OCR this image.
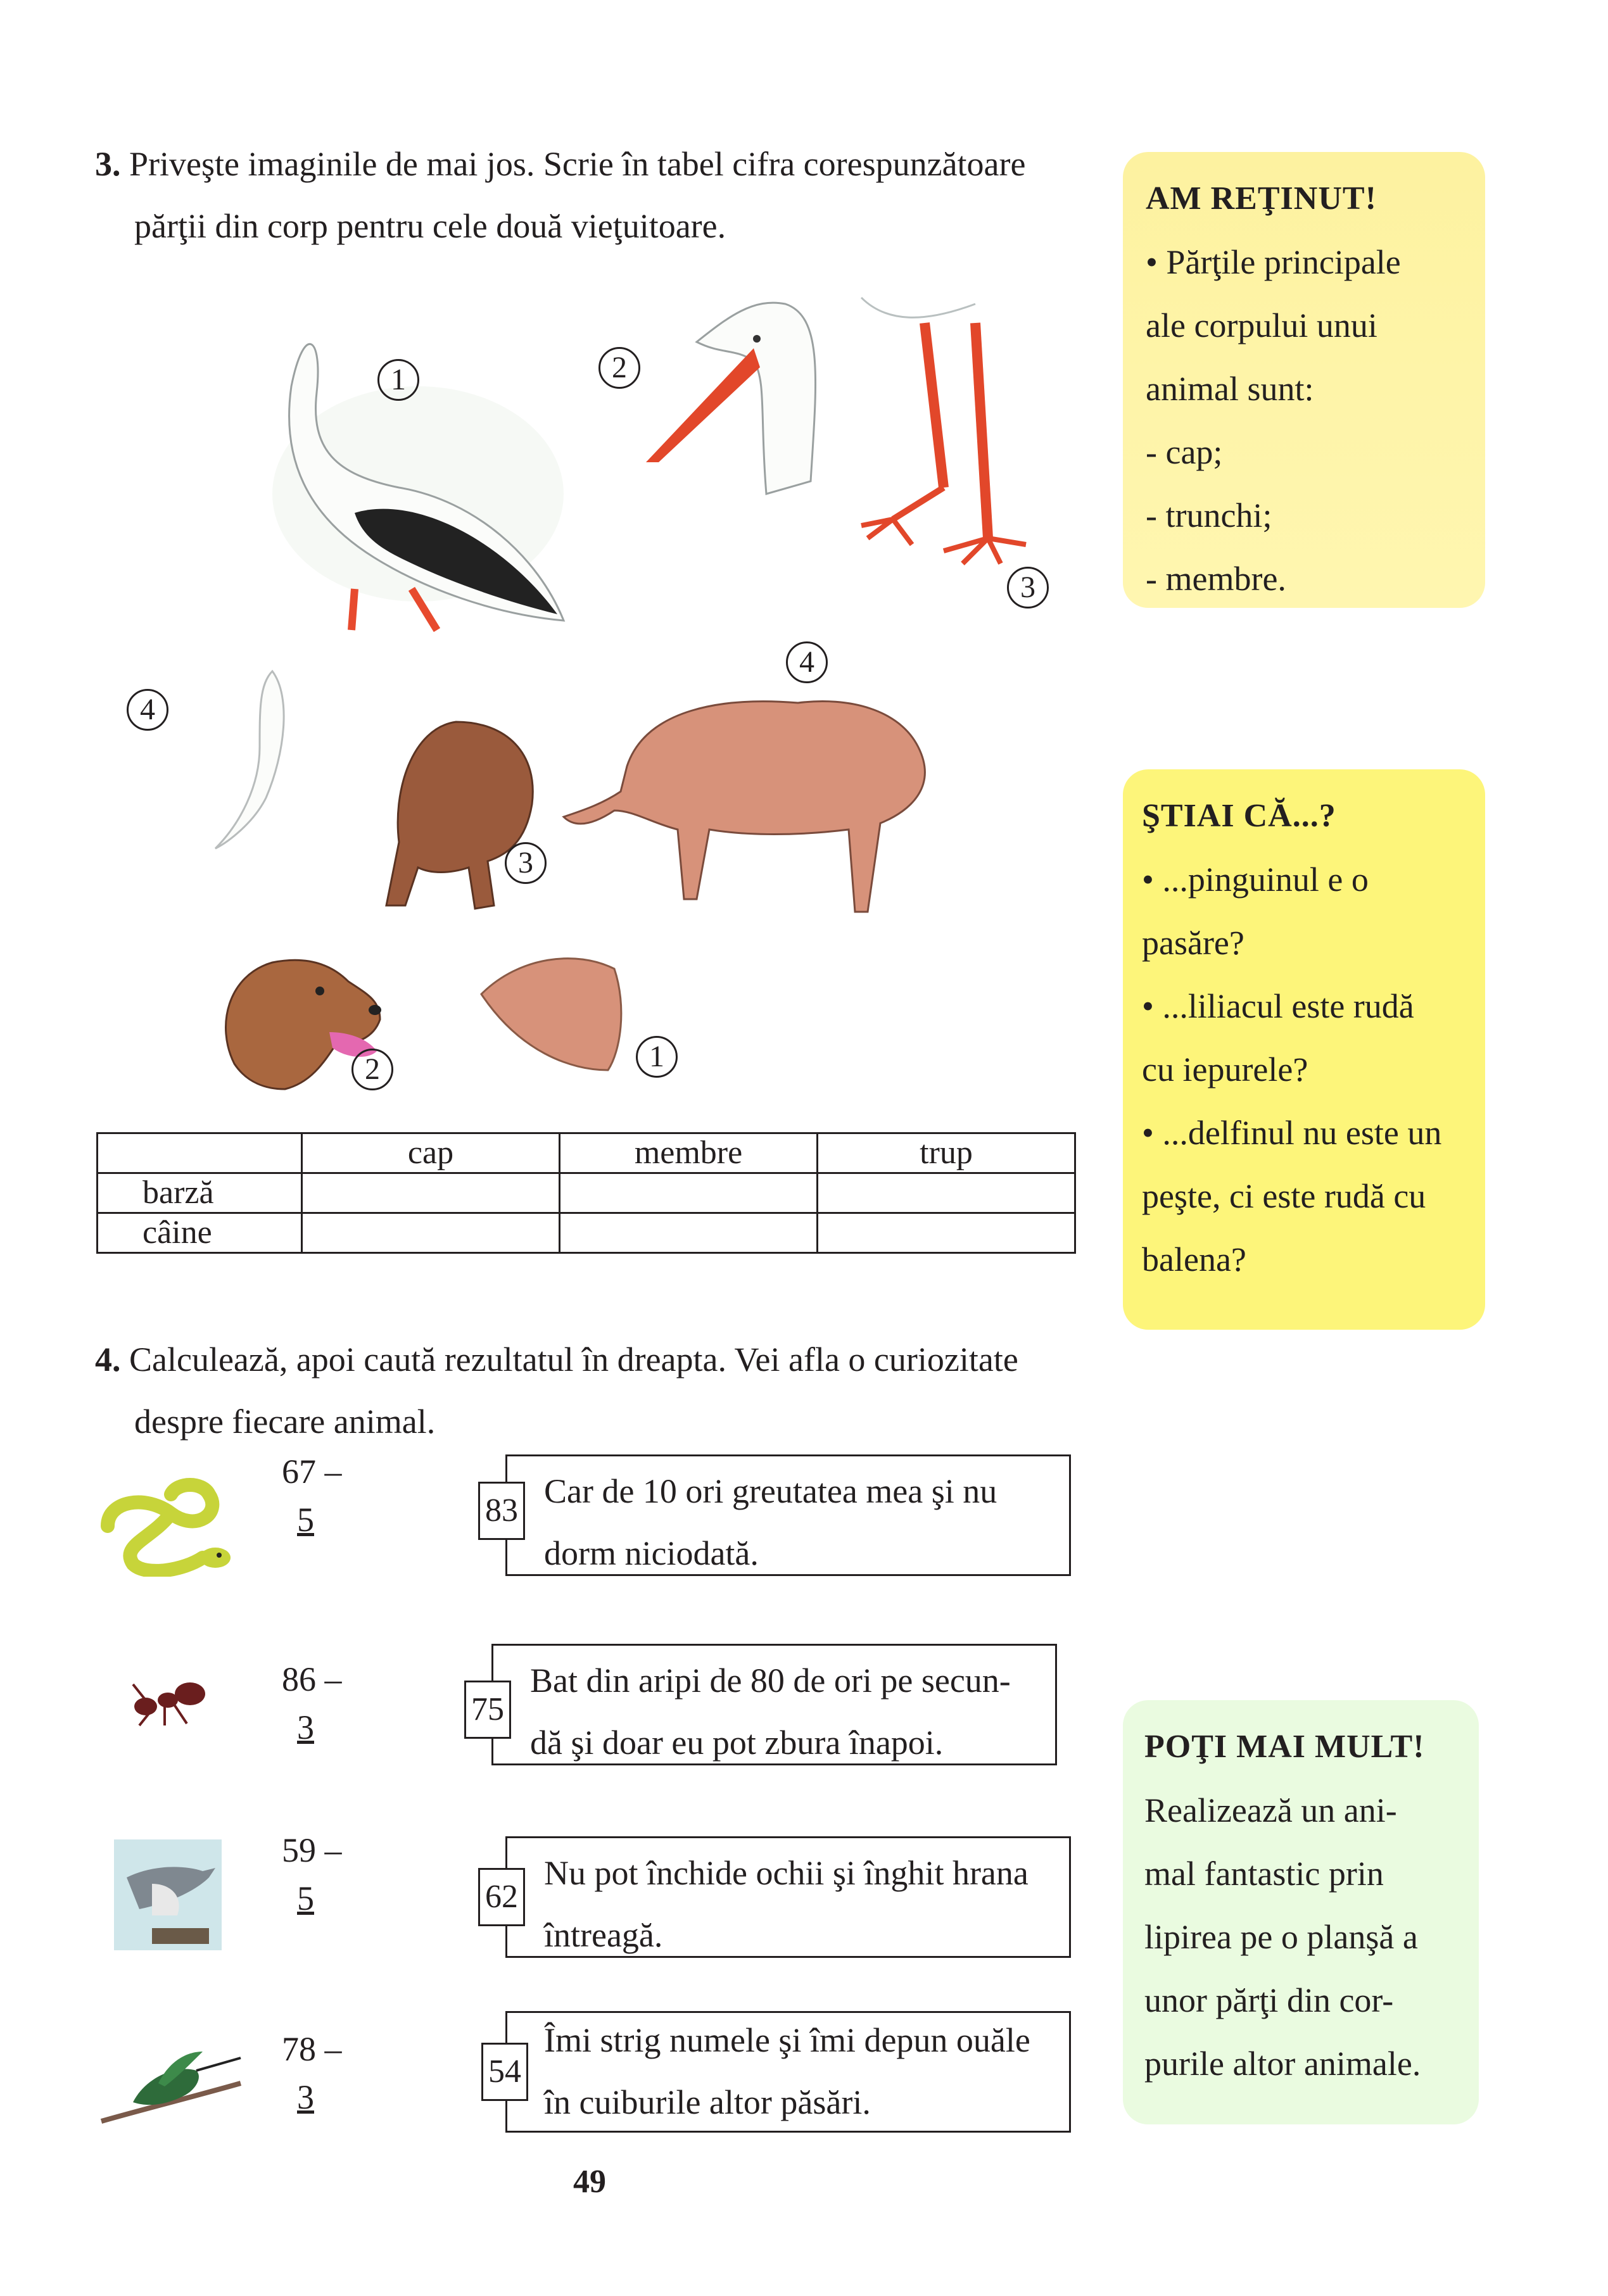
3. Priveşte imaginile de mai jos. Scrie în tabel cifra corespunzătoare
părţii din corp pentru cele două vieţuitoare.
1	2
3
4
4
3
2	1
	cap	membre	trup
barză			
câine			
4. Calculează, apoi caută rezultatul în dreapta. Vei afla o curiozitate
despre fiecare animal.
67 –
5
Car de 10 ori greutatea mea şi nu
dorm niciodată.
83
86 –
3
Bat din aripi de 80 de ori pe secun-
dă şi doar eu pot zbura înapoi.
75
59 –
5
Nu pot închide ochii şi înghit hrana
întreagă.
62
78 –
3
Îmi strig numele şi îmi depun ouăle
în cuiburile altor păsări.
54
AM REŢINUT!
• Părţile principale
ale corpului unui
animal sunt:
- cap;
- trunchi;
- membre.
ŞTIAI CĂ...?
• ...pinguinul e o
pasăre?
• ...liliacul este rudă
cu iepurele?
• ...delfinul nu este un
peşte, ci este rudă cu
balena?
POŢI MAI MULT!
Realizează un ani-
mal fantastic prin
lipirea pe o planşă a
unor părţi din cor-
purile altor animale.
49
